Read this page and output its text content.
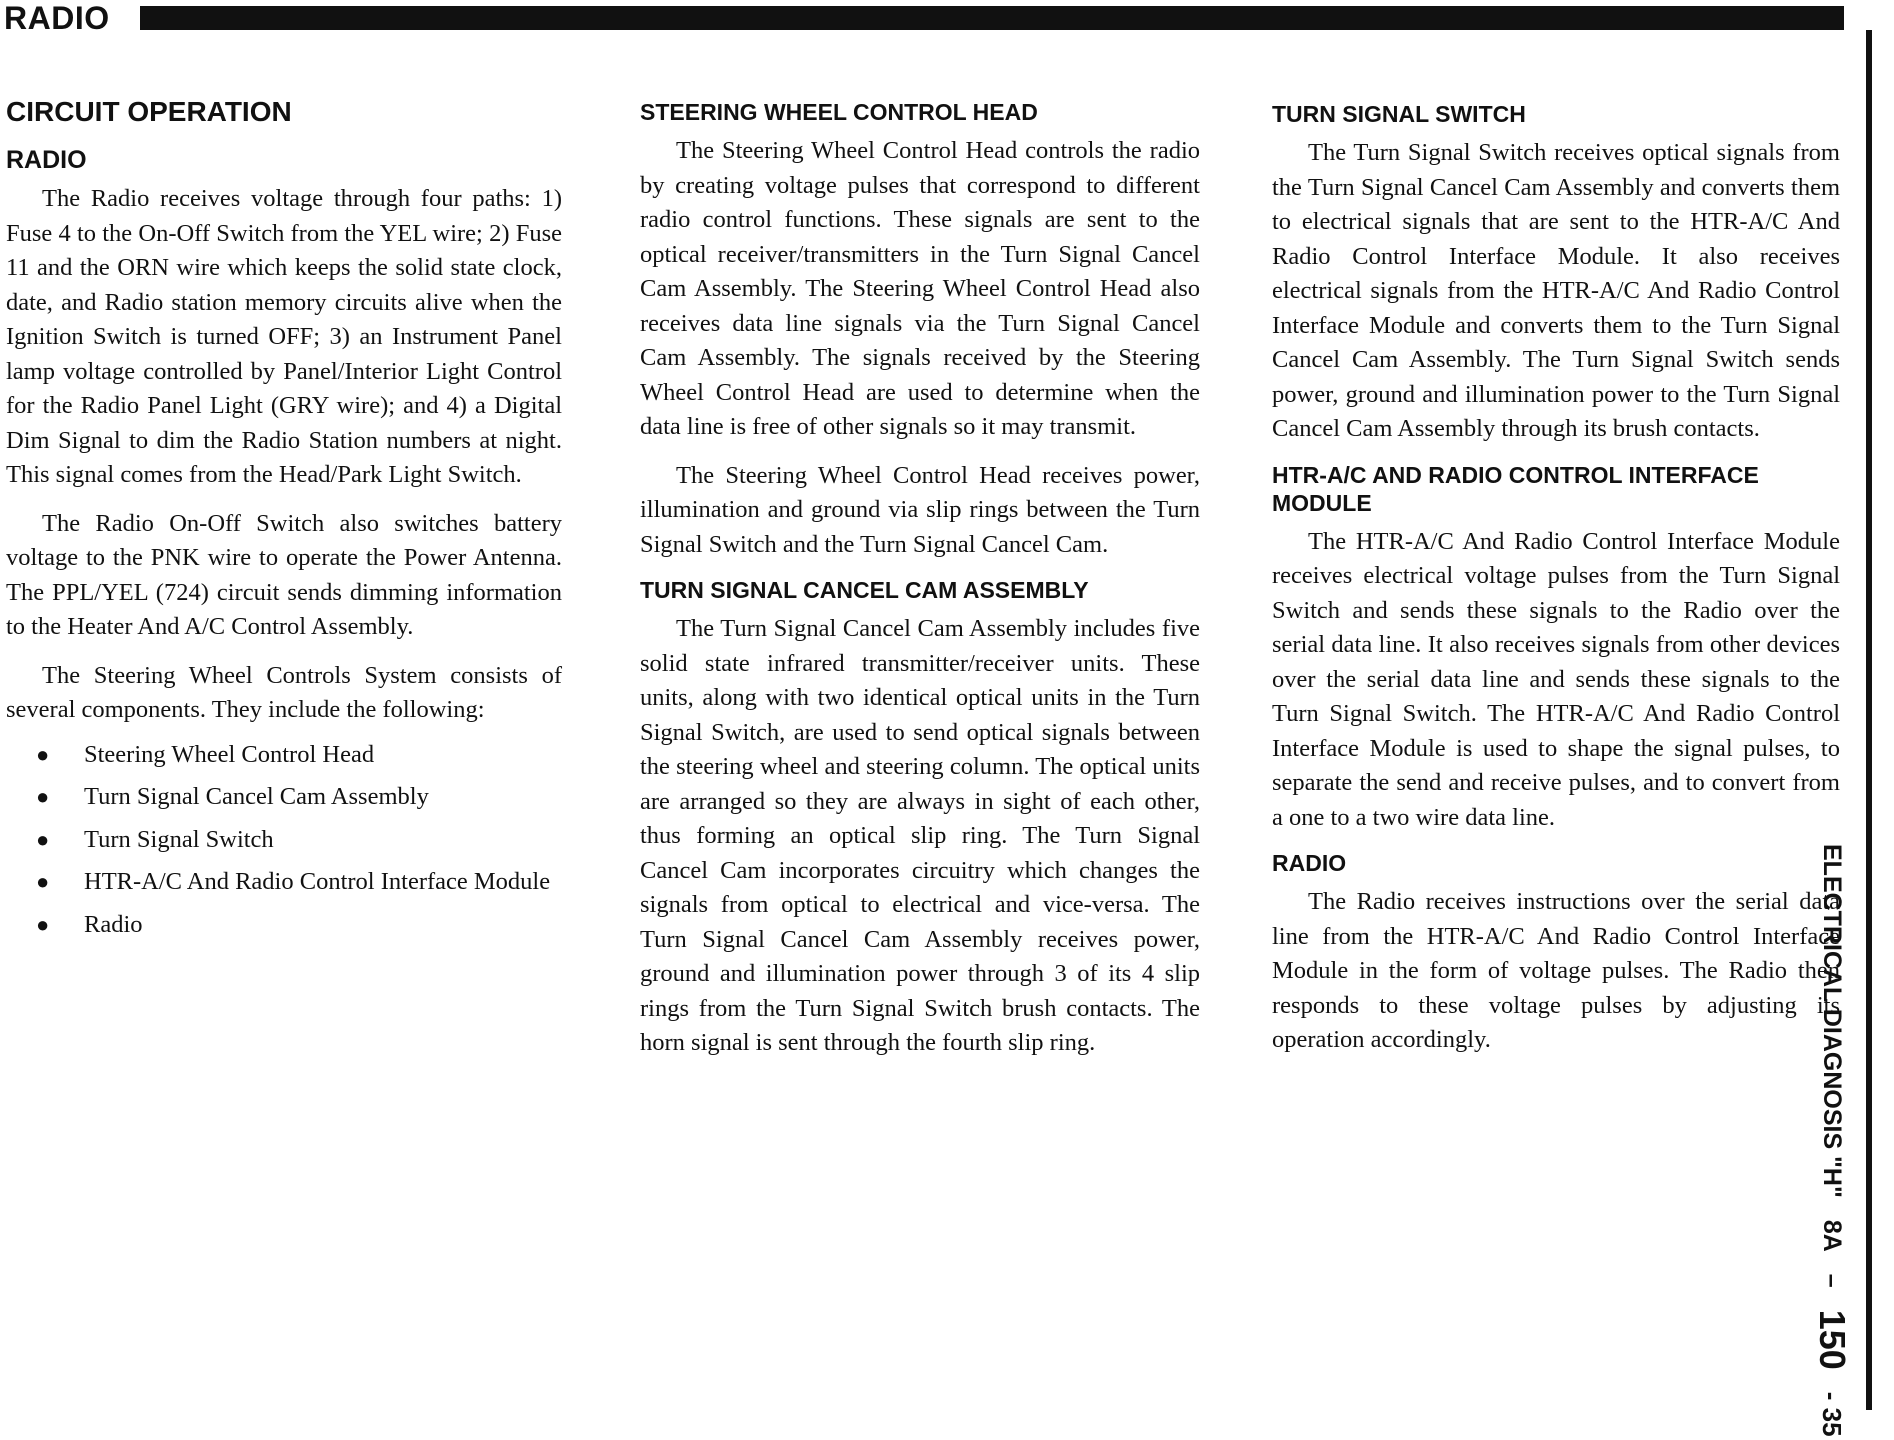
RADIO
ELECTRICAL DIAGNOSIS "H"
8A
–
150
- 35
CIRCUIT OPERATION
RADIO

The Radio receives voltage through four paths: 1) Fuse 4 to the On-Off Switch from the YEL wire; 2) Fuse 11 and the ORN wire which keeps the solid state clock, date, and Radio station memory circuits alive when the Ignition Switch is turned OFF; 3) an Instrument Panel lamp voltage controlled by Panel/Interior Light Control for the Radio Panel Light (GRY wire); and 4) a Digital Dim Signal to dim the Radio Station numbers at night. This signal comes from the Head/Park Light Switch.

The Radio On-Off Switch also switches battery voltage to the PNK wire to operate the Power Antenna. The PPL/YEL (724) circuit sends dimming information to the Heater And A/C Control Assembly.

The Steering Wheel Controls System consists of several components. They include the following:

● Steering Wheel Control Head
● Turn Signal Cancel Cam Assembly
● Turn Signal Switch
● HTR-A/C And Radio Control Interface Module
● Radio
STEERING WHEEL CONTROL HEAD

The Steering Wheel Control Head controls the radio by creating voltage pulses that correspond to different radio control functions. These signals are sent to the optical receiver/transmitters in the Turn Signal Cancel Cam Assembly. The Steering Wheel Control Head also receives data line signals via the Turn Signal Cancel Cam Assembly. The signals received by the Steering Wheel Control Head are used to determine when the data line is free of other signals so it may transmit.

The Steering Wheel Control Head receives power, illumination and ground via slip rings between the Turn Signal Switch and the Turn Signal Cancel Cam.

TURN SIGNAL CANCEL CAM ASSEMBLY

The Turn Signal Cancel Cam Assembly includes five solid state infrared transmitter/receiver units. These units, along with two identical optical units in the Turn Signal Switch, are used to send optical signals between the steering wheel and steering column. The optical units are arranged so they are always in sight of each other, thus forming an optical slip ring. The Turn Signal Cancel Cam incorporates circuitry which changes the signals from optical to electrical and vice-versa. The Turn Signal Cancel Cam Assembly receives power, ground and illumination power through 3 of its 4 slip rings from the Turn Signal Switch brush contacts. The horn signal is sent through the fourth slip ring.

TURN SIGNAL SWITCH

The Turn Signal Switch receives optical signals from the Turn Signal Cancel Cam Assembly and converts them to electrical signals that are sent to the HTR-A/C And Radio Control Interface Module. It also receives electrical signals from the HTR-A/C And Radio Control Interface Module and converts them to the Turn Signal Cancel Cam Assembly. The Turn Signal Switch sends power, ground and illumination power to the Turn Signal Cancel Cam Assembly through its brush contacts.

HTR-A/C AND RADIO CONTROL INTERFACE MODULE

The HTR-A/C And Radio Control Interface Module receives electrical voltage pulses from the Turn Signal Switch and sends these signals to the Radio over the serial data line. It also receives signals from other devices over the serial data line and sends these signals to the Turn Signal Switch. The HTR-A/C And Radio Control Interface Module is used to shape the signal pulses, to separate the send and receive pulses, and to convert from a one to a two wire data line.

RADIO

The Radio receives instructions over the serial data line from the HTR-A/C And Radio Control Interface Module in the form of voltage pulses. The Radio then responds to these voltage pulses by adjusting its operation accordingly.
